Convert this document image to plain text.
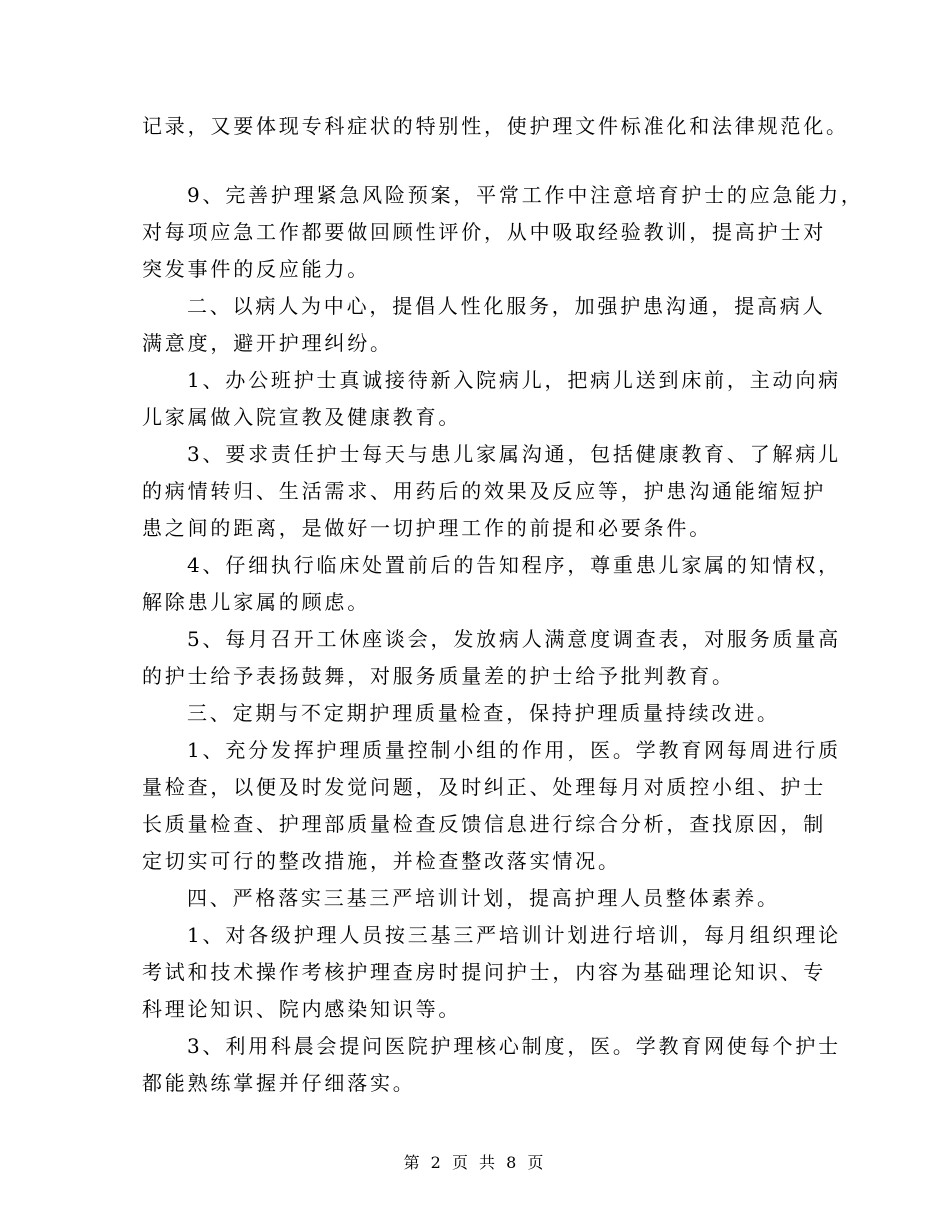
记录，又要体现专科症状的特别性，使护理文件标准化和法律规范化。
9、完善护理紧急风险预案，平常工作中注意培育护士的应急能力，
对每项应急工作都要做回顾性评价，从中吸取经验教训，提高护士对
突发事件的反应能力。
二、以病人为中心，提倡人性化服务，加强护患沟通，提高病人
满意度，避开护理纠纷。
1、办公班护士真诚接待新入院病儿，把病儿送到床前，主动向病
儿家属做入院宣教及健康教育。
3、要求责任护士每天与患儿家属沟通，包括健康教育、了解病儿
的病情转归、生活需求、用药后的效果及反应等，护患沟通能缩短护
患之间的距离，是做好一切护理工作的前提和必要条件。
4、仔细执行临床处置前后的告知程序，尊重患儿家属的知情权，
解除患儿家属的顾虑。
5、每月召开工休座谈会，发放病人满意度调查表，对服务质量高
的护士给予表扬鼓舞，对服务质量差的护士给予批判教育。
三、定期与不定期护理质量检查，保持护理质量持续改进。
1、充分发挥护理质量控制小组的作用，医。学教育网每周进行质
量检查，以便及时发觉问题，及时纠正、处理每月对质控小组、护士
长质量检查、护理部质量检查反馈信息进行综合分析，查找原因，制
定切实可行的整改措施，并检查整改落实情况。
四、严格落实三基三严培训计划，提高护理人员整体素养。
1、对各级护理人员按三基三严培训计划进行培训，每月组织理论
考试和技术操作考核护理查房时提问护士，内容为基础理论知识、专
科理论知识、院内感染知识等。
3、利用科晨会提问医院护理核心制度，医。学教育网使每个护士
都能熟练掌握并仔细落实。
第 2 页 共 8 页
